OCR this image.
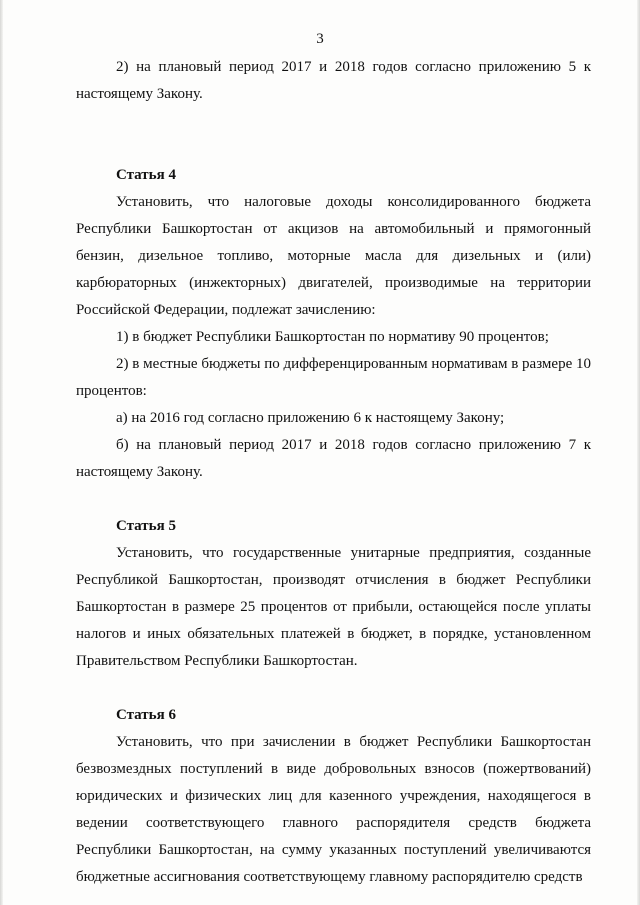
3

2) на плановый период 2017 и 2018 годов согласно приложению 5 к настоящему Закону.

Статья 4

Установить, что налоговые доходы консолидированного бюджета Республики Башкортостан от акцизов на автомобильный и прямогонный бензин, дизельное топливо, моторные масла для дизельных и (или) карбюраторных (инжекторных) двигателей, производимые на территории Российской Федерации, подлежат зачислению:

1) в бюджет Республики Башкортостан по нормативу 90 процентов;

2) в местные бюджеты по дифференцированным нормативам в размере 10 процентов:

а) на 2016 год согласно приложению 6 к настоящему Закону;

б) на плановый период 2017 и 2018 годов согласно приложению 7 к настоящему Закону.

Статья 5

Установить, что государственные унитарные предприятия, созданные Республикой Башкортостан, производят отчисления в бюджет Республики Башкортостан в размере 25 процентов от прибыли, остающейся после уплаты налогов и иных обязательных платежей в бюджет, в порядке, установленном Правительством Республики Башкортостан.

Статья 6

Установить, что при зачислении в бюджет Республики Башкортостан безвозмездных поступлений в виде добровольных взносов (пожертвований) юридических и физических лиц для казенного учреждения, находящегося в ведении соответствующего главного распорядителя средств бюджета Республики Башкортостан, на сумму указанных поступлений увеличиваются бюджетные ассигнования соответствующему главному распорядителю средств
